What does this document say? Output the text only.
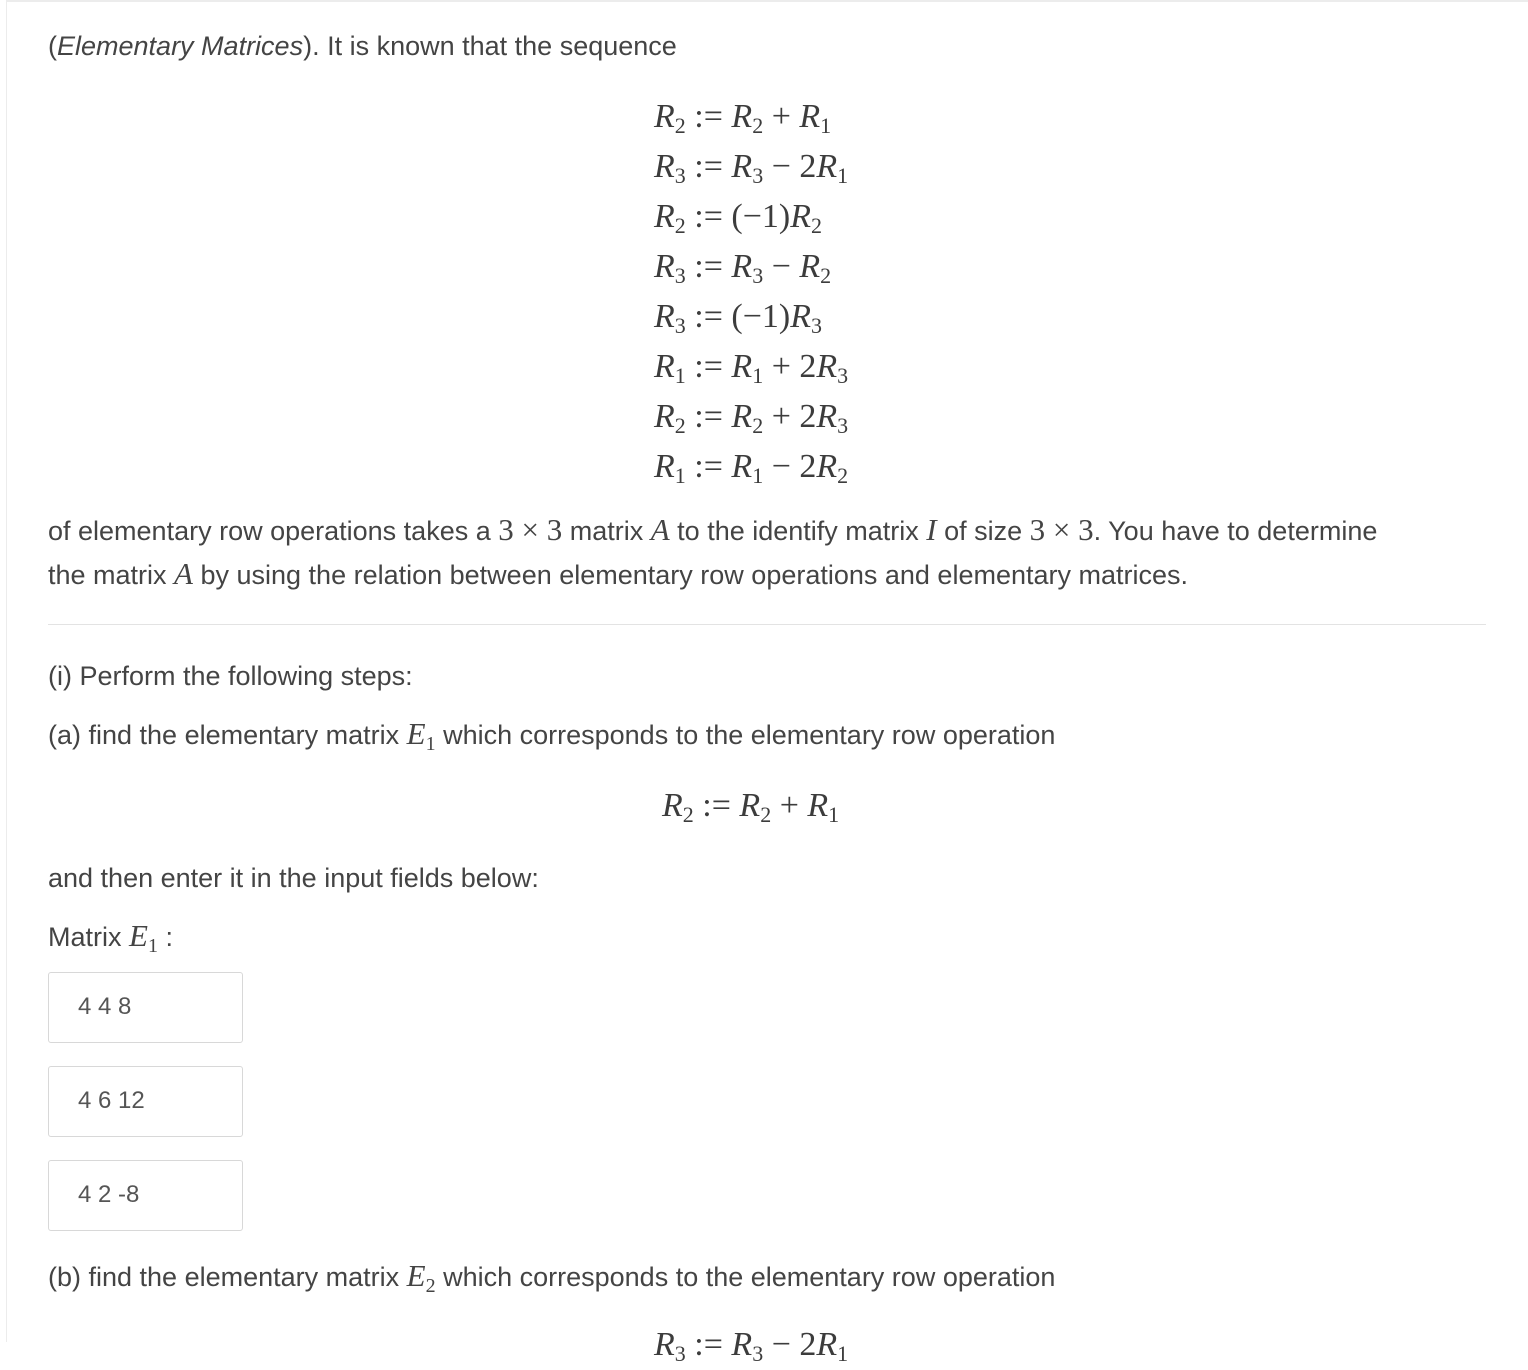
(Elementary Matrices). It is known that the sequence
$R_2$ := $R_2 + R_1$
$R_3$ := $R_3 - 2R_1$
$R_2$ := $(-1)R_2$
$R_3$ := $R_3 - R_2$
$R_3$ := $(-1)R_3$
$R_1$ := $R_1 + 2R_3$
$R_2$ := $R_2 + 2R_3$
$R_1$ := $R_1 - 2R_2$
of elementary row operations takes a 3 × 3 matrix A to the identify matrix I of size 3 × 3. You have to determine
the matrix A by using the relation between elementary row operations and elementary matrices.
(i) Perform the following steps:
(a) find the elementary matrix $E_1$ which corresponds to the elementary row operation
$R_2$ := $R_2 + R_1$
and then enter it in the input fields below:
Matrix $E_1$ :
4 4 8
4 6 12
4 2 -8
(b) find the elementary matrix $E_2$ which corresponds to the elementary row operation
$R_3$ := $R_3 - 2R_1$
